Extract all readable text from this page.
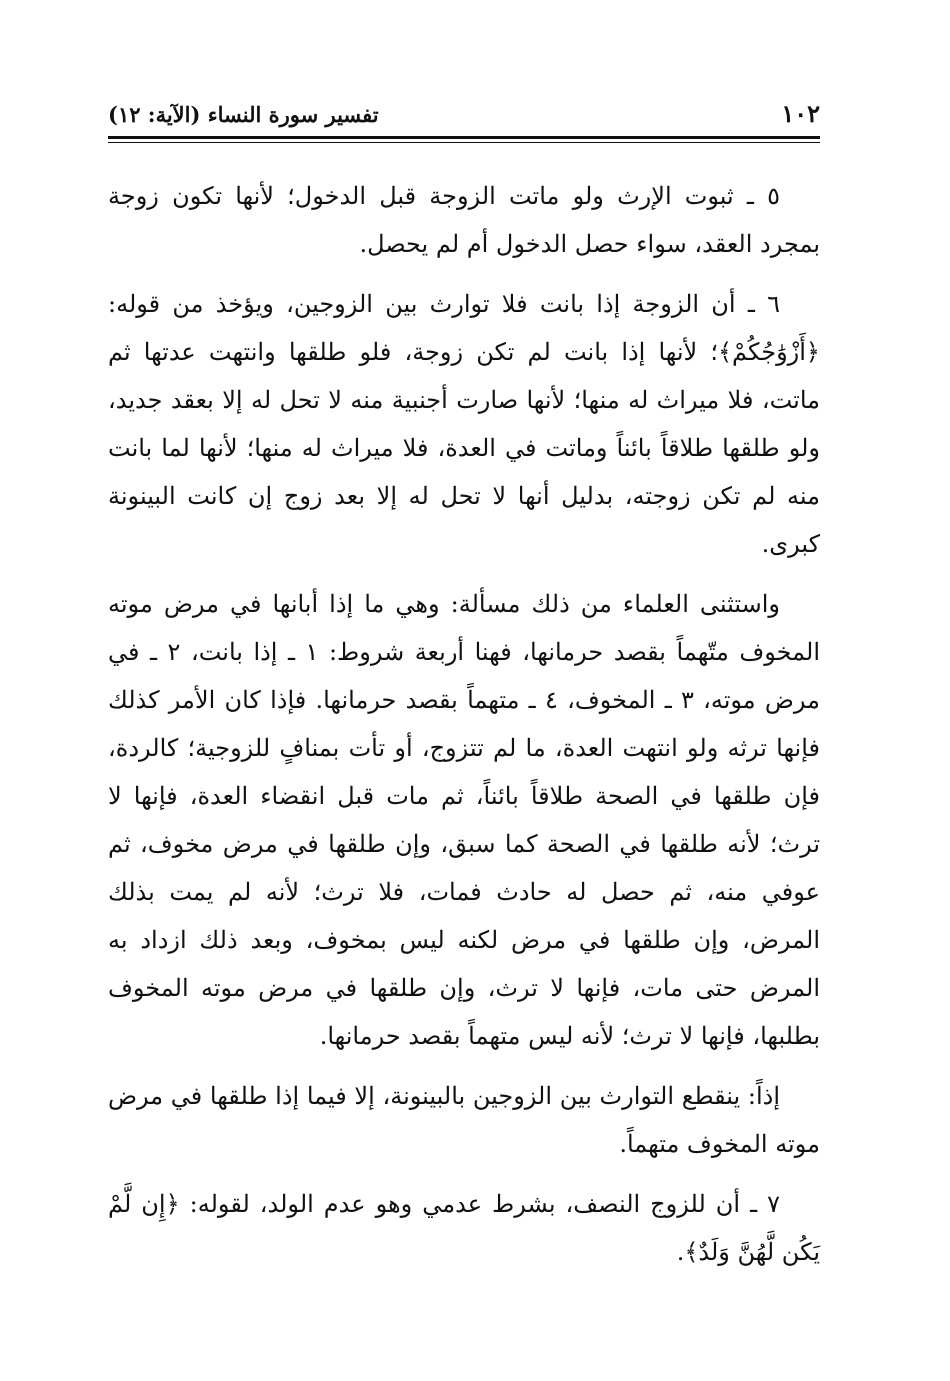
١٠٢
تفسير سورة النساء (الآية: ١٢)

٥ ـ ثبوت الإرث ولو ماتت الزوجة قبل الدخول؛ لأنها تكون زوجة بمجرد العقد، سواء حصل الدخول أم لم يحصل.

٦ ـ أن الزوجة إذا بانت فلا توارث بين الزوجين، ويؤخذ من قوله: ﴿أَزْوَٰجُكُمْ﴾؛ لأنها إذا بانت لم تكن زوجة، فلو طلقها وانتهت عدتها ثم ماتت، فلا ميراث له منها؛ لأنها صارت أجنبية منه لا تحل له إلا بعقد جديد، ولو طلقها طلاقاً بائناً وماتت في العدة، فلا ميراث له منها؛ لأنها لما بانت منه لم تكن زوجته، بدليل أنها لا تحل له إلا بعد زوج إن كانت البينونة كبرى.

واستثنى العلماء من ذلك مسألة: وهي ما إذا أبانها في مرض موته المخوف متّهماً بقصد حرمانها، فهنا أربعة شروط: ١ ـ إذا بانت، ٢ ـ في مرض موته، ٣ ـ المخوف، ٤ ـ متهماً بقصد حرمانها. فإذا كان الأمر كذلك فإنها ترثه ولو انتهت العدة، ما لم تتزوج، أو تأت بمنافٍ للزوجية؛ كالردة، فإن طلقها في الصحة طلاقاً بائناً، ثم مات قبل انقضاء العدة، فإنها لا ترث؛ لأنه طلقها في الصحة كما سبق، وإن طلقها في مرض مخوف، ثم عوفي منه، ثم حصل له حادث فمات، فلا ترث؛ لأنه لم يمت بذلك المرض، وإن طلقها في مرض لكنه ليس بمخوف، وبعد ذلك ازداد به المرض حتى مات، فإنها لا ترث، وإن طلقها في مرض موته المخوف بطلبها، فإنها لا ترث؛ لأنه ليس متهماً بقصد حرمانها.

إذاً: ينقطع التوارث بين الزوجين بالبينونة، إلا فيما إذا طلقها في مرض موته المخوف متهماً.

٧ ـ أن للزوج النصف، بشرط عدمي وهو عدم الولد، لقوله: ﴿إِن لَّمْ يَكُن لَّهُنَّ وَلَدٌ﴾.
